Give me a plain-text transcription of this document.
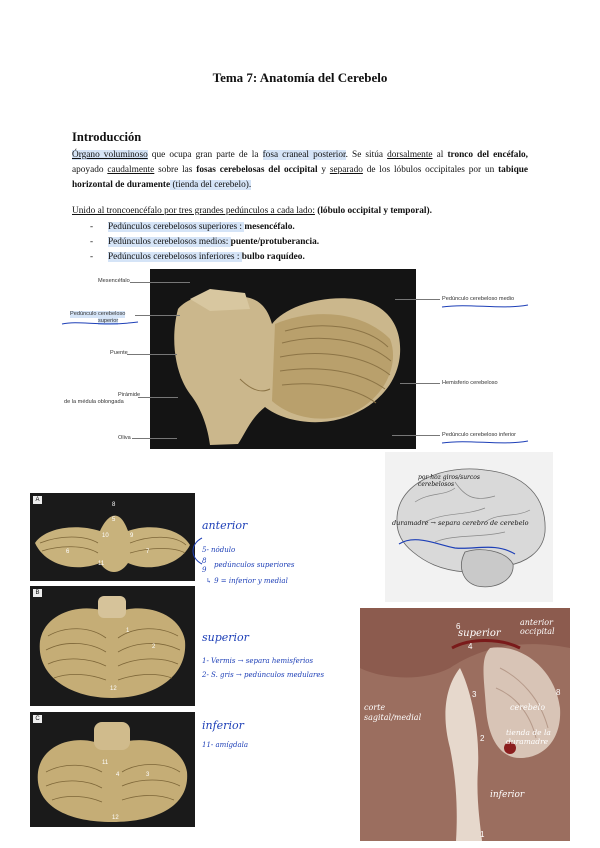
Tema 7: Anatomía del Cerebelo
Introducción
Órgano voluminoso que ocupa gran parte de la fosa craneal posterior. Se sitúa dorsalmente al tronco del encéfalo, apoyado caudalmente sobre las fosas cerebelosas del occipital y separado de los lóbulos occipitales por un tabique horizontal de duramente (tienda del cerebelo).
Unido al troncoencéfalo por tres grandes pedúnculos a cada lado: (lóbulo occipital y temporal).
- Pedúnculos cerebelosos superiores : mesencéfalo.
- Pedúnculos cerebelosos medios: puente/protuberancia.
- Pedúnculos cerebelosos inferiores : bulbo raquídeo.
Mesencéfalo
Pedúnculo cerebeloso
superior
Puente
Pirámide
de la médula oblongada
Oliva
Pedúnculo cerebeloso medio
Hemisferio cerebeloso
Pedúnculo cerebeloso inferior
A
8
5
10	9
6	7
11
B
1
2
12
C
11
4	3
12
anterior
5- nódulo
8
9
pedúnculos superiores
↳ 9 = inferior y medial
superior
1- Vermis → separa hemisferios
2- S. gris → pedúnculos medulares
inferior
11- amígdala
por hoz giros/surcos cerebelosos
duramadre → separa cerebro de cerebelo
6
4
3
2
8
1
superior
anterior occipital
corte sagital/medial
cerebelo
tienda de la duramadre
inferior
